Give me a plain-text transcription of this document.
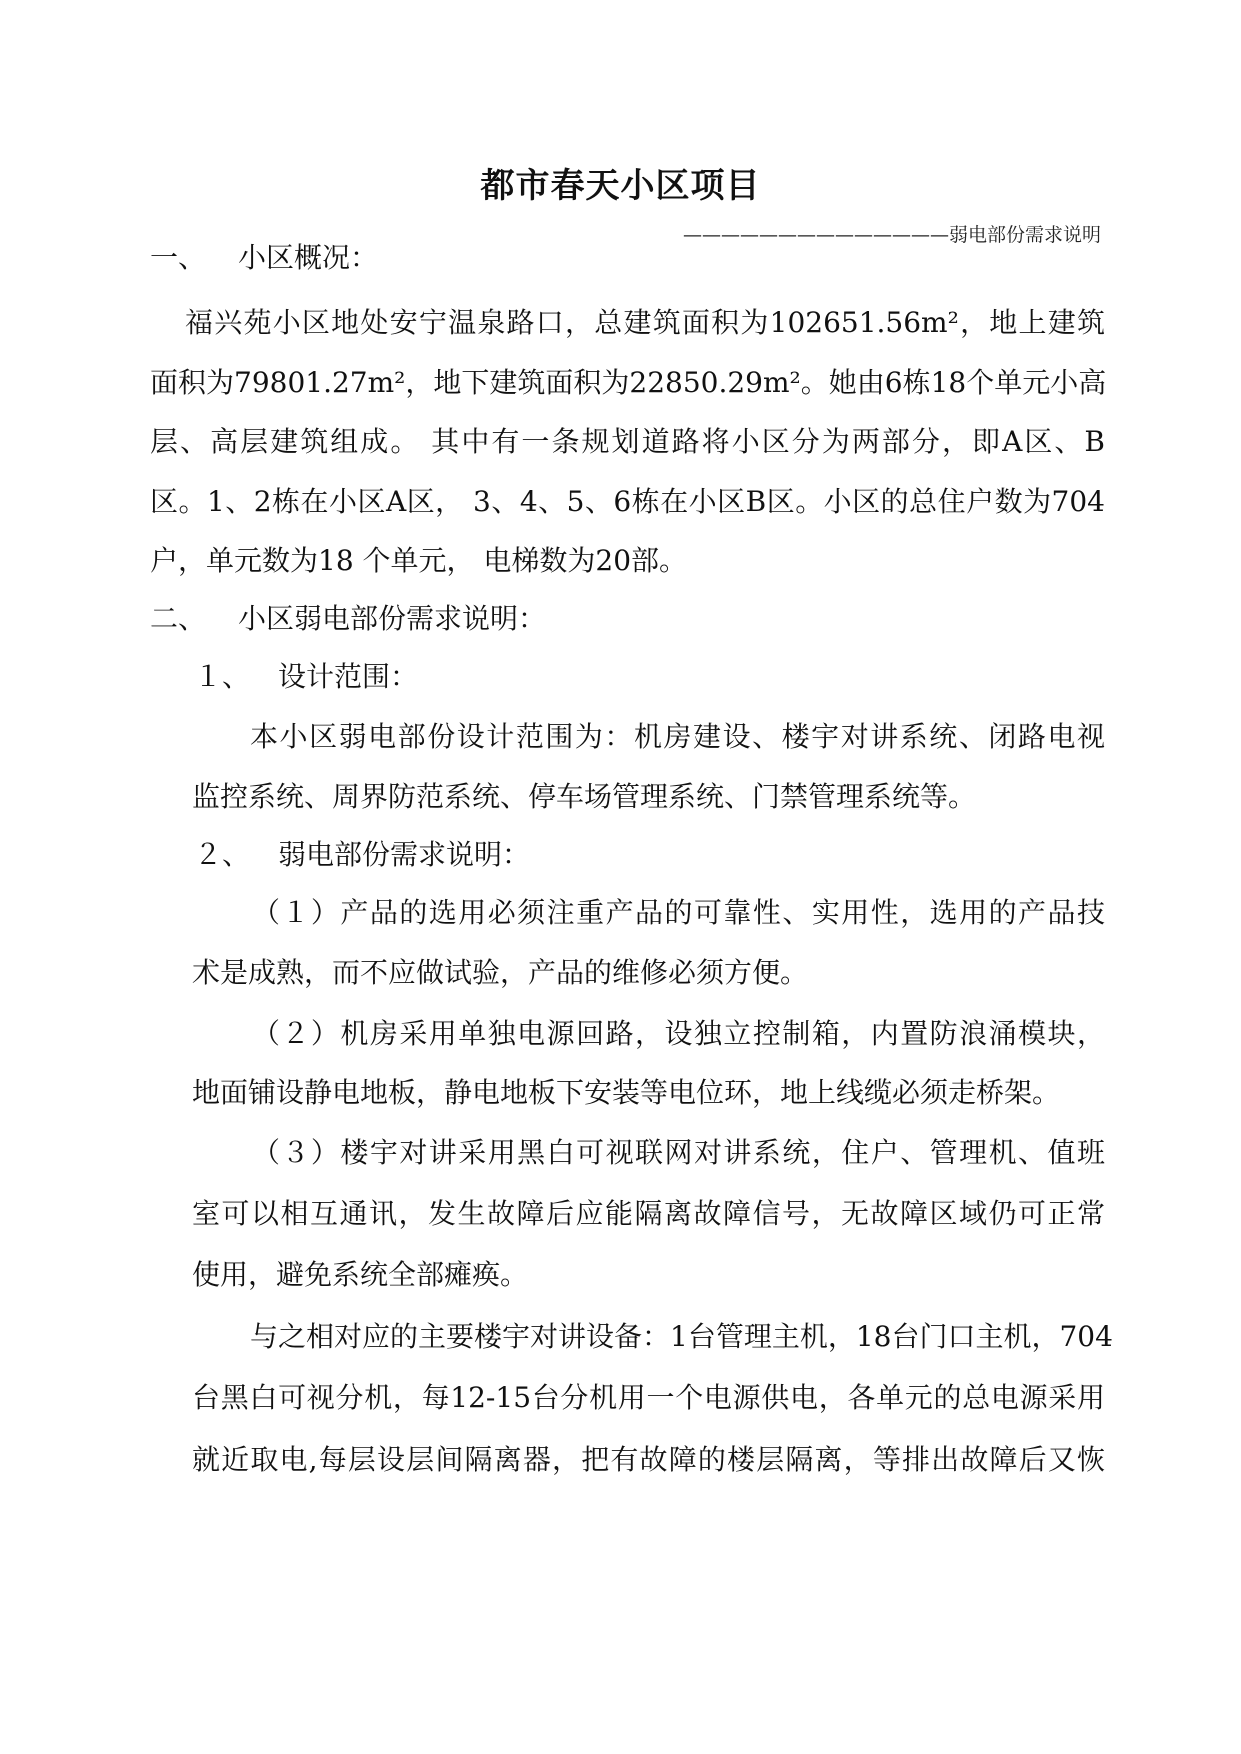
都市春天小区项目
——————————————弱电部份需求说明
一、 小区概况：
福兴苑小区地处安宁温泉路口，总建筑面积为102651.56m²，地上建筑
面积为79801.27m²，地下建筑面积为22850.29m²。她由6栋18个单元小高
层、高层建筑组成。 其中有一条规划道路将小区分为两部分，即A区、B
区。1、2栋在小区A区， 3、4、5、6栋在小区B区。小区的总住户数为704
户，单元数为18 个单元， 电梯数为20部。
二、 小区弱电部份需求说明：
１、 设计范围：
本小区弱电部份设计范围为：机房建设、楼宇对讲系统、闭路电视
监控系统、周界防范系统、停车场管理系统、门禁管理系统等。
２、 弱电部份需求说明：
（１）产品的选用必须注重产品的可靠性、实用性，选用的产品技
术是成熟，而不应做试验，产品的维修必须方便。
（２）机房采用单独电源回路，设独立控制箱，内置防浪涌模块，
地面铺设静电地板，静电地板下安装等电位环，地上线缆必须走桥架。
（３）楼宇对讲采用黑白可视联网对讲系统，住户、管理机、值班
室可以相互通讯，发生故障后应能隔离故障信号，无故障区域仍可正常
使用，避免系统全部瘫痪。
与之相对应的主要楼宇对讲设备：1台管理主机，18台门口主机，704
台黑白可视分机，每12-15台分机用一个电源供电，各单元的总电源采用
就近取电,每层设层间隔离器，把有故障的楼层隔离，等排出故障后又恢
